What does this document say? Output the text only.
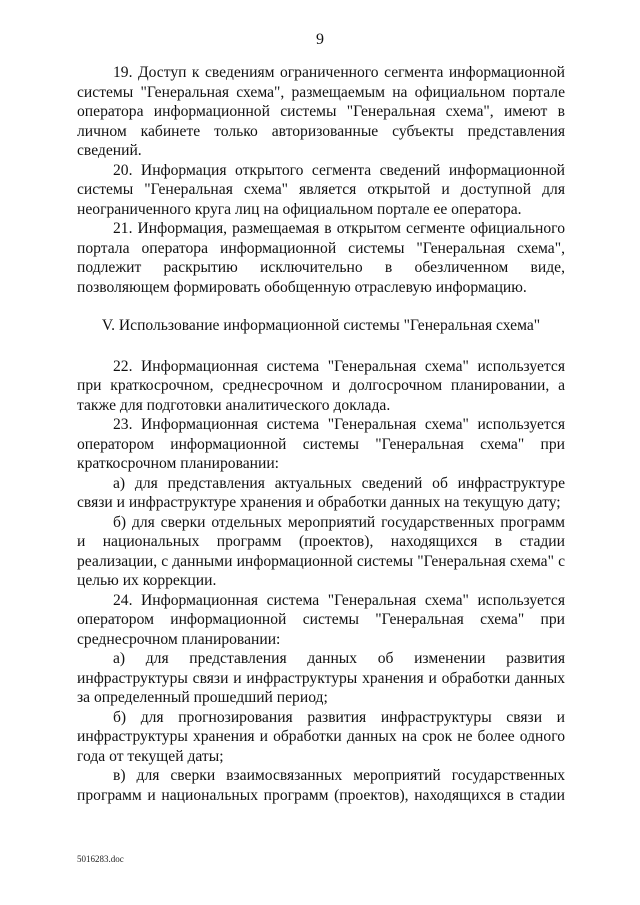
9

19. Доступ к сведениям ограниченного сегмента информационной системы "Генеральная схема", размещаемым на официальном портале оператора информационной системы "Генеральная схема", имеют в личном кабинете только авторизованные субъекты представления сведений.

20. Информация открытого сегмента сведений информационной системы "Генеральная схема" является открытой и доступной для неограниченного круга лиц на официальном портале ее оператора.

21. Информация, размещаемая в открытом сегменте официального портала оператора информационной системы "Генеральная схема", подлежит раскрытию исключительно в обезличенном виде, позволяющем формировать обобщенную отраслевую информацию.

V. Использование информационной системы "Генеральная схема"

22. Информационная система "Генеральная схема" используется при краткосрочном, среднесрочном и долгосрочном планировании, а также для подготовки аналитического доклада.

23. Информационная система "Генеральная схема" используется оператором информационной системы "Генеральная схема" при краткосрочном планировании:

а) для представления актуальных сведений об инфраструктуре связи и инфраструктуре хранения и обработки данных на текущую дату;

б) для сверки отдельных мероприятий государственных программ и национальных программ (проектов), находящихся в стадии реализации, с данными информационной системы "Генеральная схема" с целью их коррекции.

24. Информационная система "Генеральная схема" используется оператором информационной системы "Генеральная схема" при среднесрочном планировании:

а) для представления данных об изменении развития инфраструктуры связи и инфраструктуры хранения и обработки данных за определенный прошедший период;

б) для прогнозирования развития инфраструктуры связи и инфраструктуры хранения и обработки данных на срок не более одного года от текущей даты;

в) для сверки взаимосвязанных мероприятий государственных программ и национальных программ (проектов), находящихся в стадии

5016283.doc
